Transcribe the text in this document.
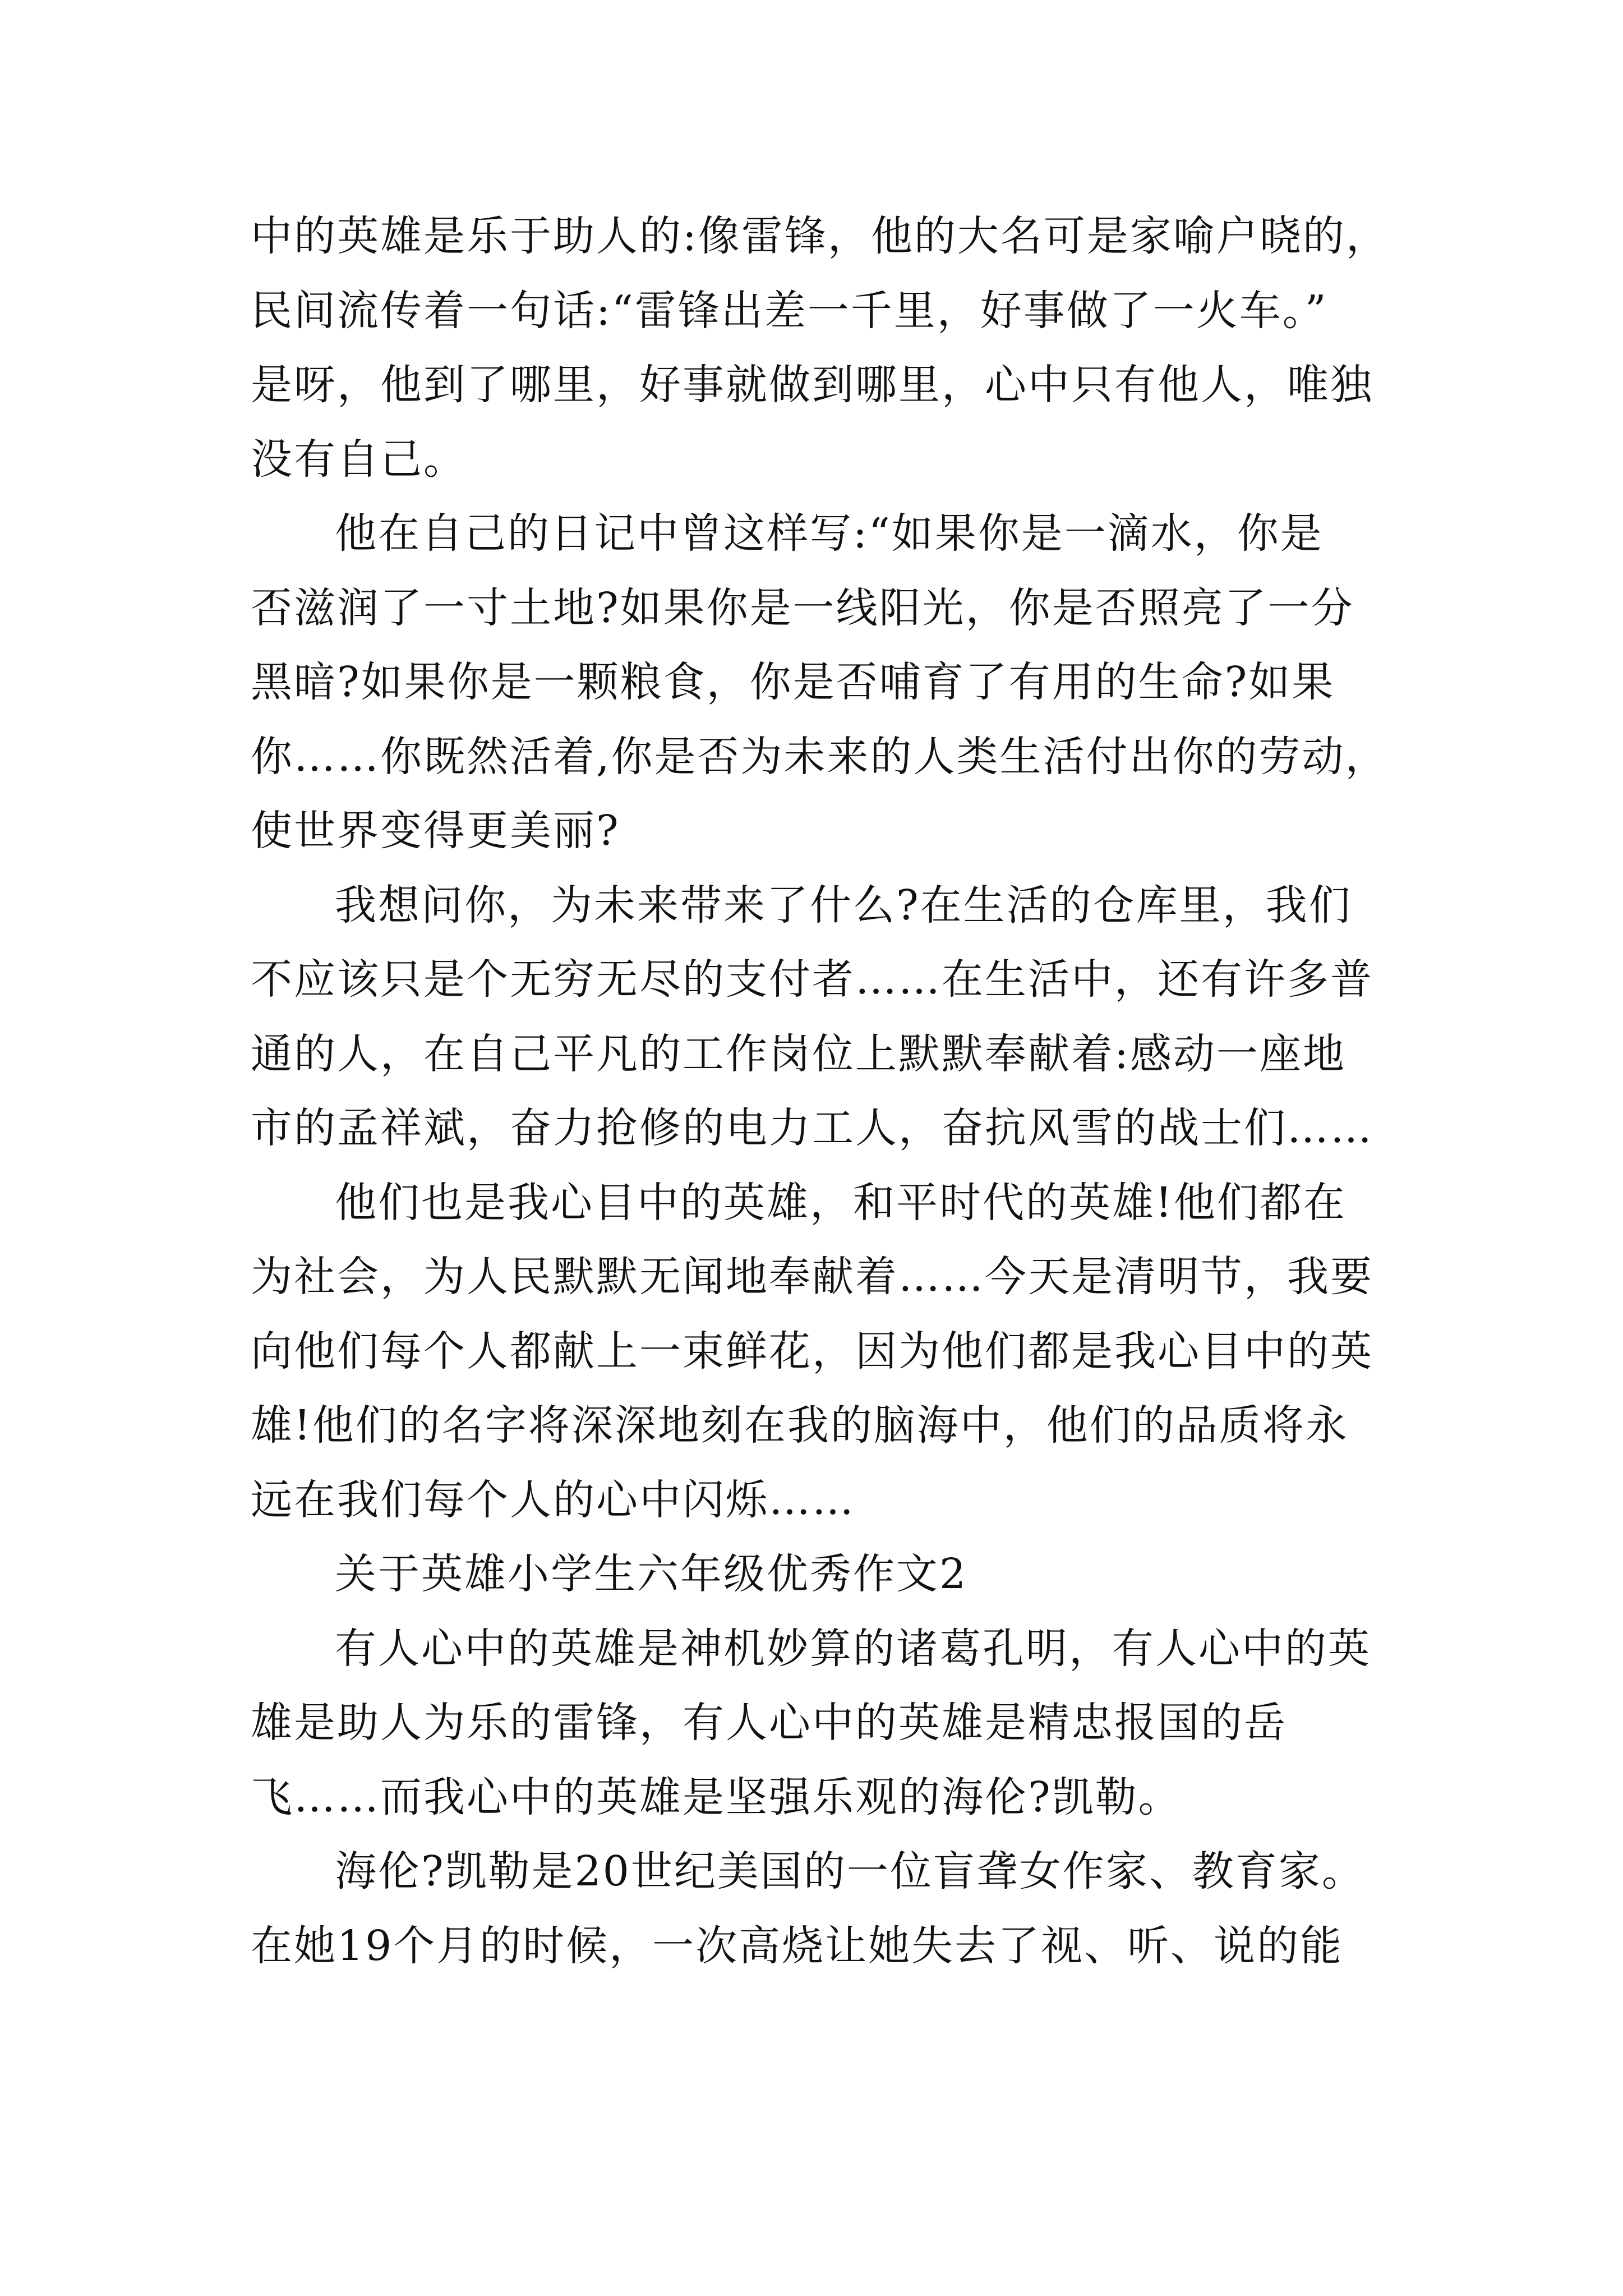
中的英雄是乐于助人的:像雷锋，他的大名可是家喻户晓的，
民间流传着一句话:“雷锋出差一千里，好事做了一火车。”
是呀，他到了哪里，好事就做到哪里，心中只有他人，唯独
没有自己。
他在自己的日记中曾这样写:“如果你是一滴水，你是
否滋润了一寸土地?如果你是一线阳光，你是否照亮了一分
黑暗?如果你是一颗粮食，你是否哺育了有用的生命?如果
你……你既然活着,你是否为未来的人类生活付出你的劳动，
使世界变得更美丽?
我想问你，为未来带来了什么?在生活的仓库里，我们
不应该只是个无穷无尽的支付者……在生活中，还有许多普
通的人，在自己平凡的工作岗位上默默奉献着:感动一座地
市的孟祥斌，奋力抢修的电力工人，奋抗风雪的战士们……
他们也是我心目中的英雄，和平时代的英雄!他们都在
为社会，为人民默默无闻地奉献着……今天是清明节，我要
向他们每个人都献上一束鲜花，因为他们都是我心目中的英
雄!他们的名字将深深地刻在我的脑海中，他们的品质将永
远在我们每个人的心中闪烁……
关于英雄小学生六年级优秀作文2
有人心中的英雄是神机妙算的诸葛孔明，有人心中的英
雄是助人为乐的雷锋，有人心中的英雄是精忠报国的岳
飞……而我心中的英雄是坚强乐观的海伦?凯勒。
海伦?凯勒是20世纪美国的一位盲聋女作家、教育家。
在她19个月的时候，一次高烧让她失去了视、听、说的能
